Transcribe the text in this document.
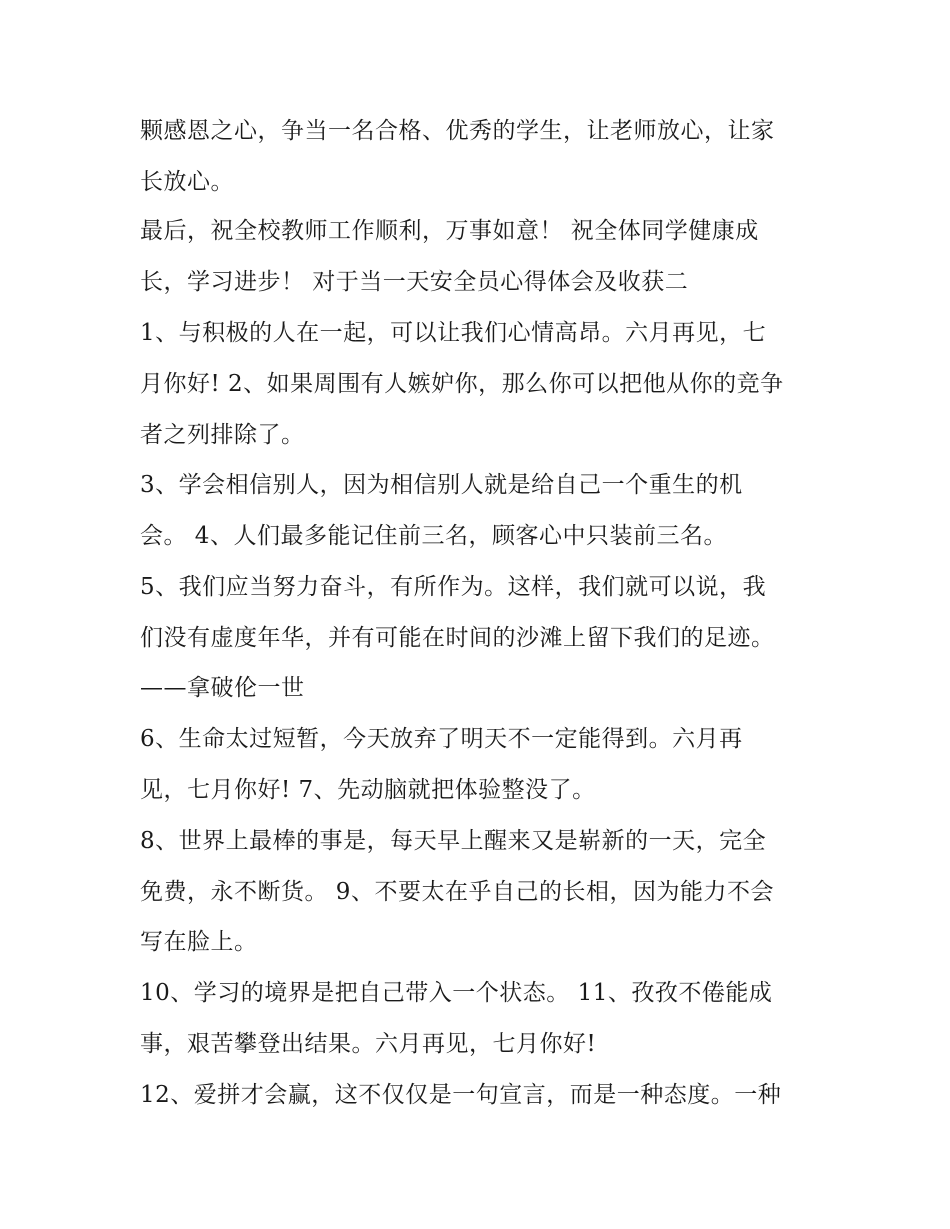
颗感恩之心，争当一名合格、优秀的学生，让老师放心，让家
长放心。
最后，祝全校教师工作顺利，万事如意！ 祝全体同学健康成
长，学习进步！ 对于当一天安全员心得体会及收获二
1、与积极的人在一起，可以让我们心情高昂。六月再见，七
月你好! 2、如果周围有人嫉妒你，那么你可以把他从你的竞争
者之列排除了。
3、学会相信别人，因为相信别人就是给自己一个重生的机
会。 4、人们最多能记住前三名，顾客心中只装前三名。
5、我们应当努力奋斗，有所作为。这样，我们就可以说，我
们没有虚度年华，并有可能在时间的沙滩上留下我们的足迹。
——拿破伦一世
6、生命太过短暂，今天放弃了明天不一定能得到。六月再
见，七月你好! 7、先动脑就把体验整没了。
8、世界上最棒的事是，每天早上醒来又是崭新的一天，完全
免费，永不断货。 9、不要太在乎自己的长相，因为能力不会
写在脸上。
10、学习的境界是把自己带入一个状态。 11、孜孜不倦能成
事，艰苦攀登出结果。六月再见，七月你好!
12、爱拼才会赢，这不仅仅是一句宣言，而是一种态度。一种
